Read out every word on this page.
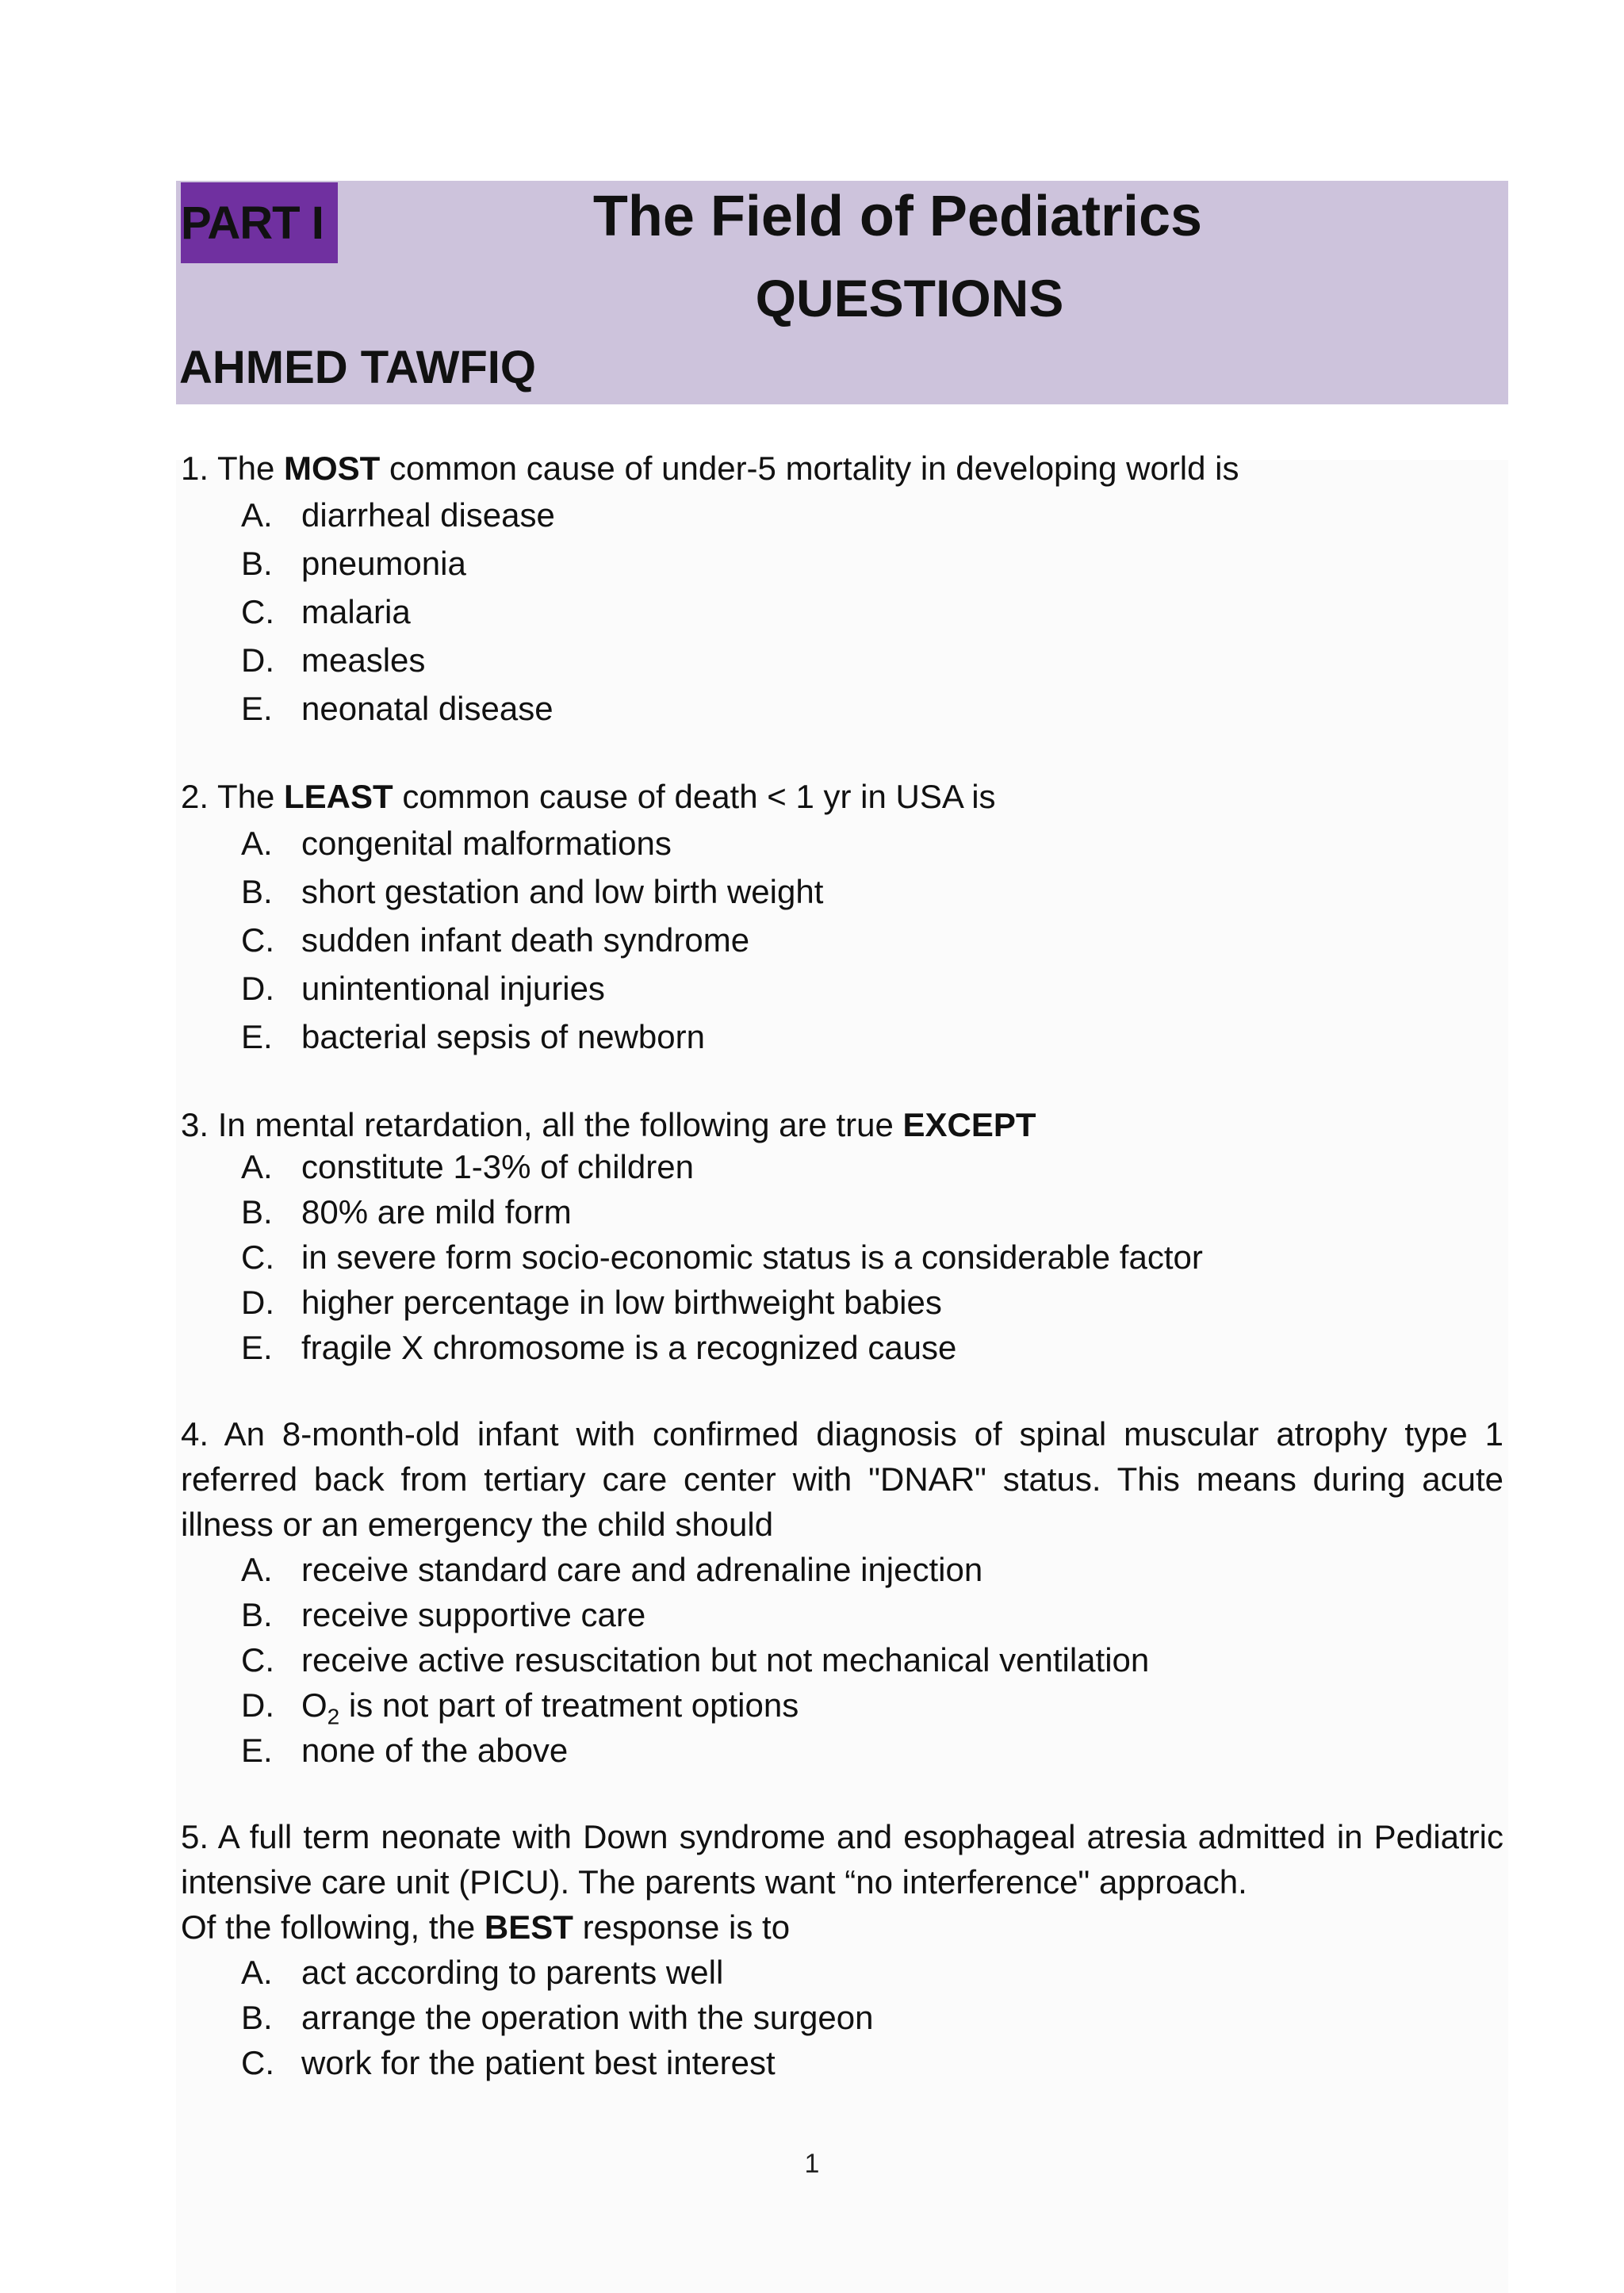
PART I	The Field of Pediatrics
QUESTIONS
AHMED TAWFIQ
1. The MOST common cause of under-5 mortality in developing world is
A. diarrheal disease
B. pneumonia
C. malaria
D. measles
E. neonatal disease
2. The LEAST common cause of death < 1 yr in USA is
A. congenital malformations
B. short gestation and low birth weight
C. sudden infant death syndrome
D. unintentional injuries
E. bacterial sepsis of newborn
3. In mental retardation, all the following are true EXCEPT
A. constitute 1-3% of children
B. 80% are mild form
C. in severe form socio-economic status is a considerable factor
D. higher percentage in low birthweight babies
E. fragile X chromosome is a recognized cause
4. An 8-month-old infant with confirmed diagnosis of spinal muscular atrophy type 1 referred back from tertiary care center with "DNAR" status. This means during acute illness or an emergency the child should
A. receive standard care and adrenaline injection
B. receive supportive care
C. receive active resuscitation but not mechanical ventilation
D. $O_2$ is not part of treatment options
E. none of the above
5. A full term neonate with Down syndrome and esophageal atresia admitted in Pediatric intensive care unit (PICU). The parents want “no interference" approach.
Of the following, the BEST response is to
A. act according to parents well
B. arrange the operation with the surgeon
C. work for the patient best interest
1
